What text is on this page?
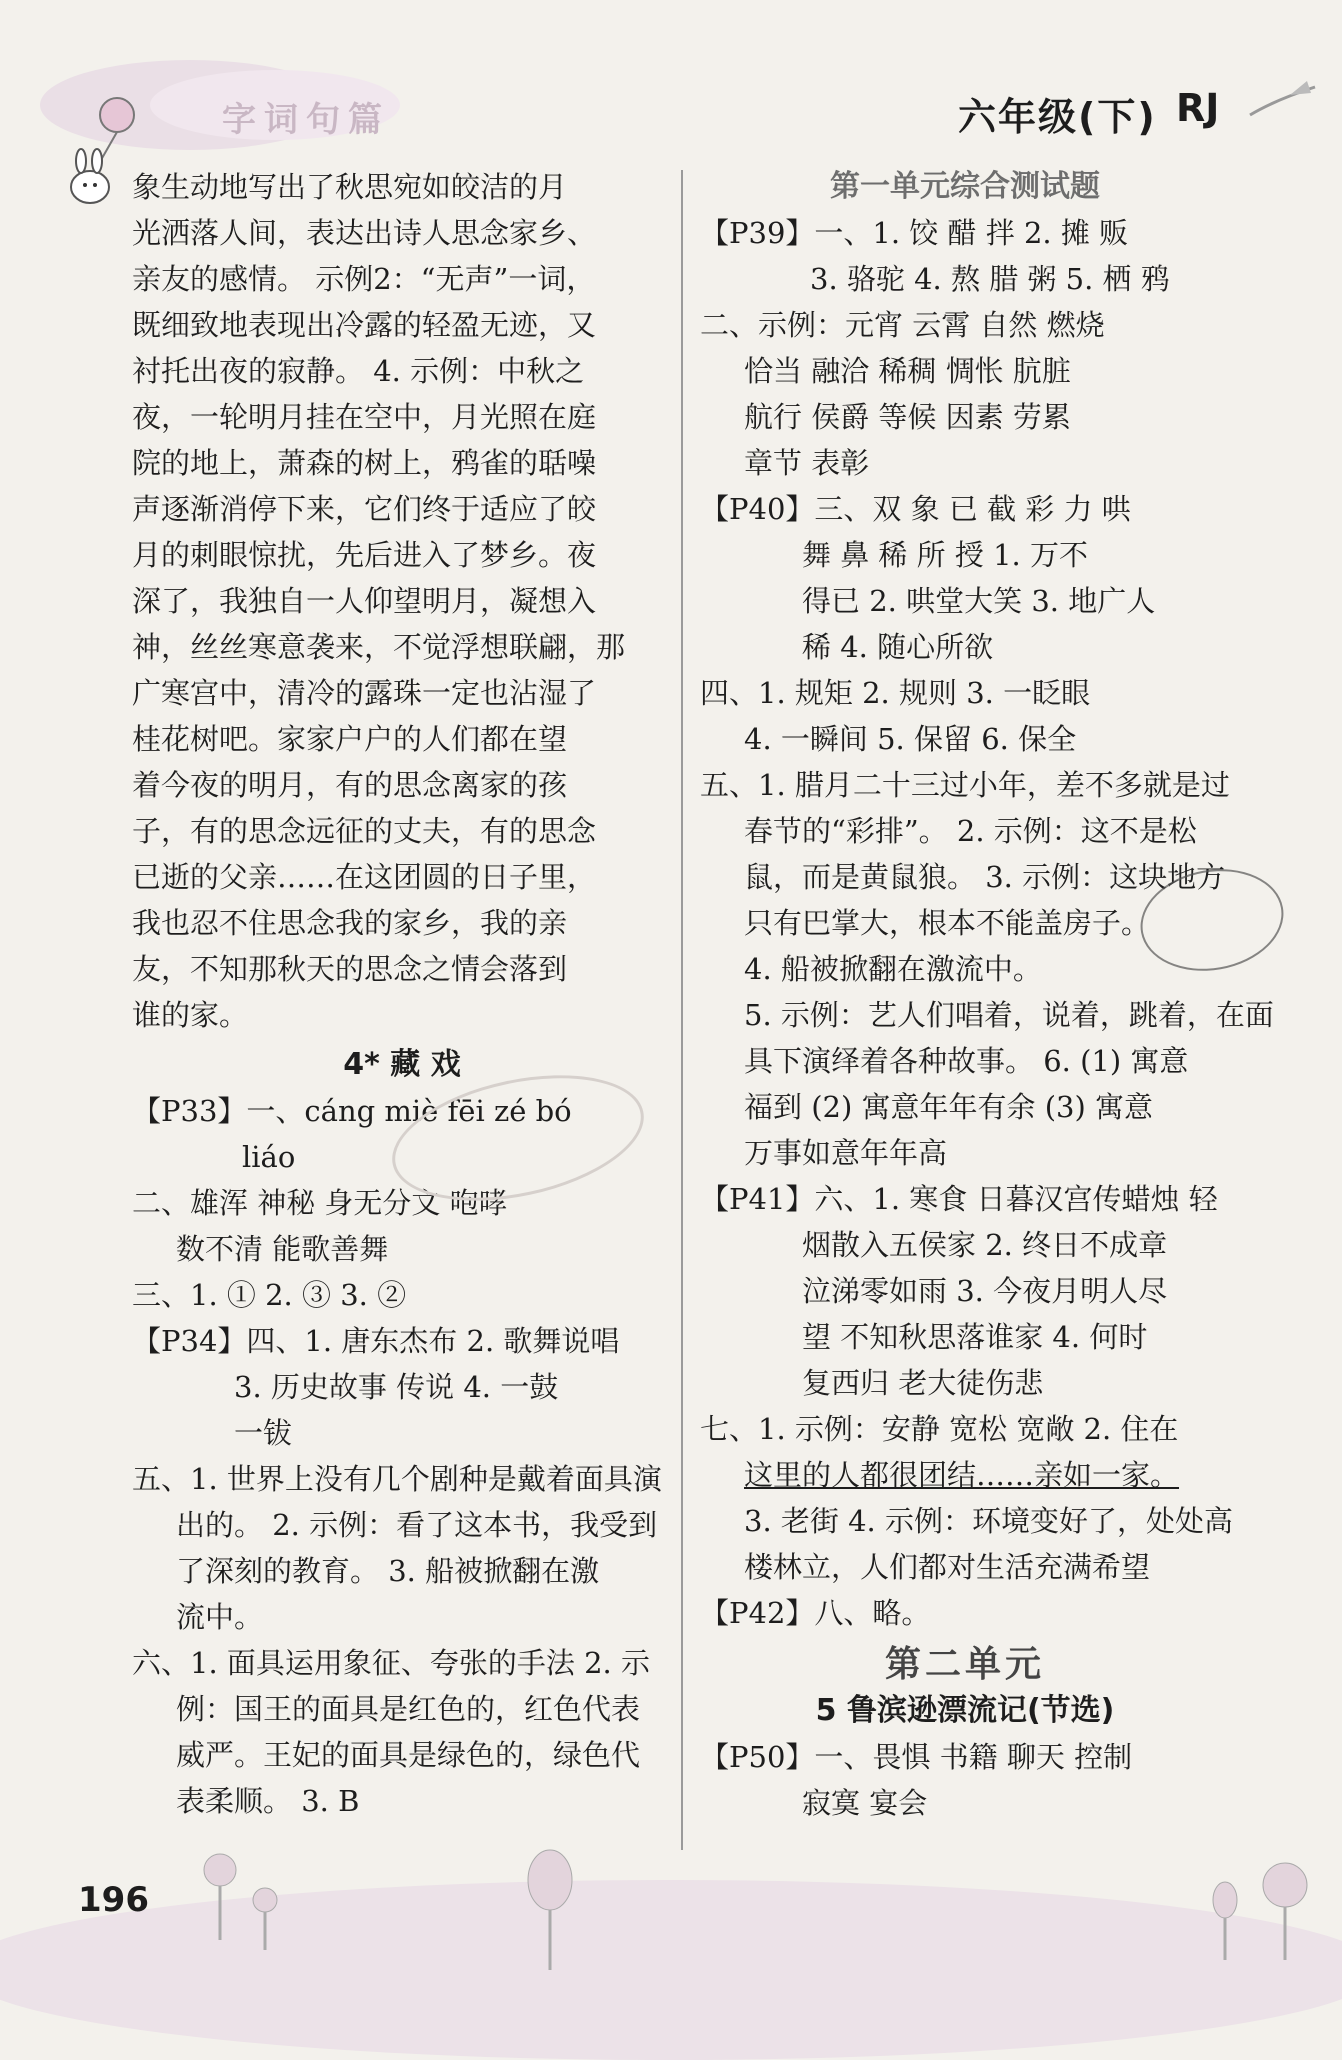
字词句篇	六年级(下) RJ
象生动地写出了秋思宛如皎洁的月
光洒落人间，表达出诗人思念家乡、
亲友的感情。 示例2：“无声”一词，
既细致地表现出冷露的轻盈无迹，又
衬托出夜的寂静。 4. 示例：中秋之
夜，一轮明月挂在空中，月光照在庭
院的地上，萧森的树上，鸦雀的聒噪
声逐渐消停下来，它们终于适应了皎
月的刺眼惊扰，先后进入了梦乡。夜
深了，我独自一人仰望明月，凝想入
神，丝丝寒意袭来，不觉浮想联翩，那
广寒宫中，清冷的露珠一定也沾湿了
桂花树吧。家家户户的人们都在望
着今夜的明月，有的思念离家的孩
子，有的思念远征的丈夫，有的思念
已逝的父亲……在这团圆的日子里，
我也忍不住思念我的家乡，我的亲
友，不知那秋天的思念之情会落到
谁的家。
4* 藏 戏
【P33】一、cáng miè fēi zé bó
liáo
二、雄浑 神秘 身无分文 咆哮
数不清 能歌善舞
三、1. ① 2. ③ 3. ②
【P34】四、1. 唐东杰布 2. 歌舞说唱
3. 历史故事 传说 4. 一鼓
一钹
五、1. 世界上没有几个剧种是戴着面具演
出的。 2. 示例：看了这本书，我受到
了深刻的教育。 3. 船被掀翻在激
流中。
六、1. 面具运用象征、夸张的手法 2. 示
例：国王的面具是红色的，红色代表
威严。王妃的面具是绿色的，绿色代
表柔顺。 3. B
第一单元综合测试题
【P39】一、1. 饺 醋 拌 2. 摊 贩
3. 骆驼 4. 熬 腊 粥 5. 栖 鸦
二、示例：元宵 云霄 自然 燃烧
恰当 融洽 稀稠 惆怅 肮脏
航行 侯爵 等候 因素 劳累
章节 表彰
【P40】三、双 象 已 截 彩 力 哄
舞 鼻 稀 所 授 1. 万不
得已 2. 哄堂大笑 3. 地广人
稀 4. 随心所欲
四、1. 规矩 2. 规则 3. 一眨眼
4. 一瞬间 5. 保留 6. 保全
五、1. 腊月二十三过小年，差不多就是过
春节的“彩排”。 2. 示例：这不是松
鼠，而是黄鼠狼。 3. 示例：这块地方
只有巴掌大，根本不能盖房子。
4. 船被掀翻在激流中。
5. 示例：艺人们唱着，说着，跳着，在面
具下演绎着各种故事。 6. (1) 寓意
福到 (2) 寓意年年有余 (3) 寓意
万事如意年年高
【P41】六、1. 寒食 日暮汉宫传蜡烛 轻
烟散入五侯家 2. 终日不成章
泣涕零如雨 3. 今夜月明人尽
望 不知秋思落谁家 4. 何时
复西归 老大徒伤悲
七、1. 示例：安静 宽松 宽敞 2. 住在
这里的人都很团结……亲如一家。
3. 老街 4. 示例：环境变好了，处处高
楼林立，人们都对生活充满希望
【P42】八、略。
第二单元
5 鲁滨逊漂流记(节选)
【P50】一、畏惧 书籍 聊天 控制
寂寞 宴会
196
